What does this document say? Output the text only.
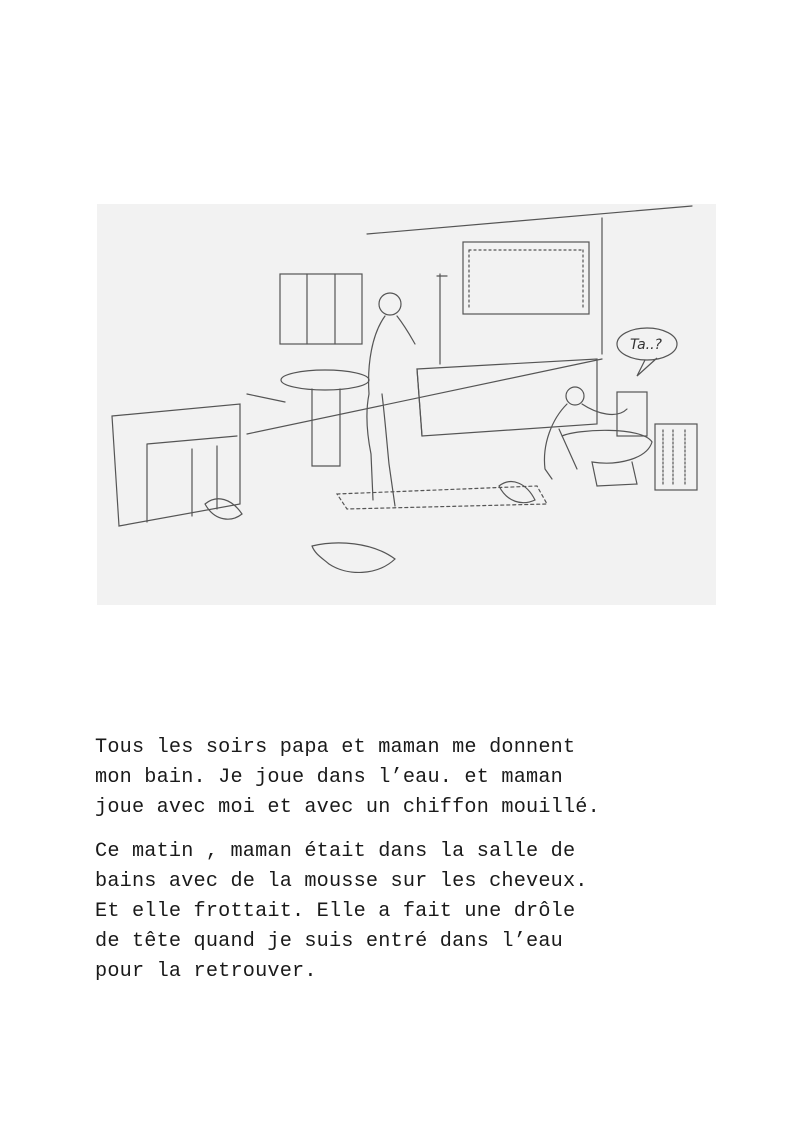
Ta..?

Tous les soirs papa et maman me donnent
mon bain. Je joue dans l’eau. et maman
joue avec moi et avec un chiffon mouillé.

Ce matin , maman était dans la salle de
bains avec de la mousse sur les cheveux.
Et elle frottait. Elle a fait une drôle
de tête quand je suis entré dans l’eau
pour la retrouver.
